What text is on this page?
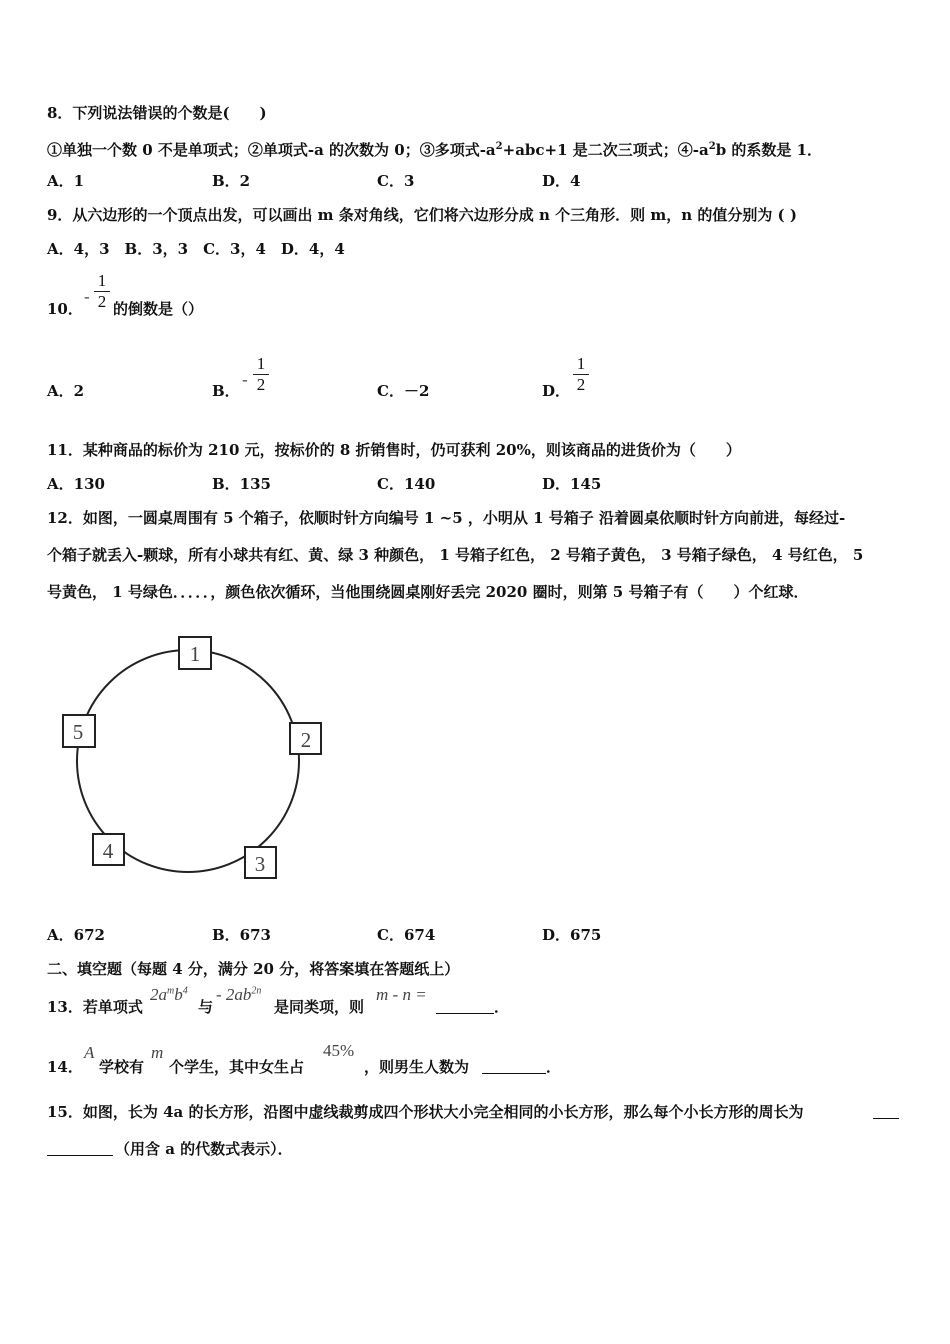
8．下列说法错误的个数是(　　)
①单独一个数 0 不是单项式；②单项式-a 的次数为 0；③多项式$-a^2+abc+1$ 是二次三项式；$④-a^2b$ 的系数是 1．
A．1	B．2	C．3	D．4
9．从六边形的一个顶点出发，可以画出 m 条对角线，它们将六边形分成 n 个三角形．则 m，n 的值分别为 ( )
A．4，3　B．3，3　C．3，4　D．4，4
10．
-
1
2 的倒数是（）
A．2	B．
-
1
2	C．－2	D．
1
2
11．某种商品的标价为 210 元，按标价的 8 折销售时，仍可获利 20%，则该商品的进货价为（　　）
A．130	B．135	C．140	D．145
12．如图，一圆桌周围有 5 个箱子，依顺时针方向编号 1 ~5 ，小明从 1 号箱子 沿着圆桌依顺时针方向前进，每经过-
个箱子就丢入-颗球，所有小球共有红、黄、绿 3 种颜色， 1 号箱子红色， 2 号箱子黄色， 3 号箱子绿色， 4 号红色， 5
号黄色， 1 号绿色．．．．．，颜色依次循环，当他围绕圆桌刚好丢完 2020 圈时，则第 5 号箱子有（　　）个红球．
1
2
3
4
5
A．672	B．673	C．674	D．675
二、填空题（每题 4 分，满分 20 分，将答案填在答题纸上）
13．若单项式
$2a^mb^4$
与
- $2ab^{2n}$
是同类项，则
m - n =
．
14．
A
学校有
m
个学生，其中女生占
45%
，则男生人数为	．
15．如图，长为 4a 的长方形，沿图中虚线裁剪成四个形状大小完全相同的小长方形，那么每个小长方形的周长为
（用含 a 的代数式表示）．
